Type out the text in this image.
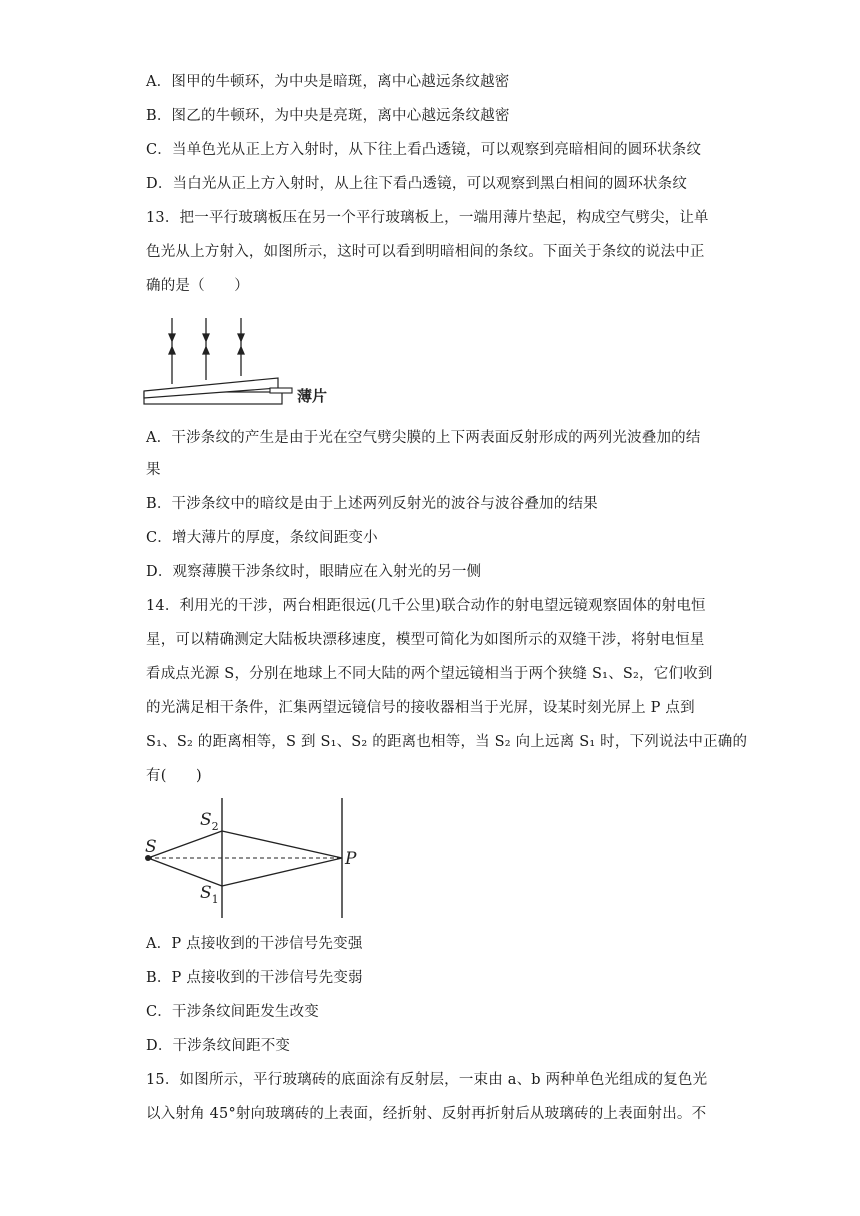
A．图甲的牛顿环，为中央是暗斑，离中心越远条纹越密
B．图乙的牛顿环，为中央是亮斑，离中心越远条纹越密
C．当单色光从正上方入射时，从下往上看凸透镜，可以观察到亮暗相间的圆环状条纹
D．当白光从正上方入射时，从上往下看凸透镜，可以观察到黑白相间的圆环状条纹
13．把一平行玻璃板压在另一个平行玻璃板上，一端用薄片垫起，构成空气劈尖，让单
色光从上方射入，如图所示，这时可以看到明暗相间的条纹。下面关于条纹的说法中正
确的是（　　）
薄片
A．干涉条纹的产生是由于光在空气劈尖膜的上下两表面反射形成的两列光波叠加的结
果
B．干涉条纹中的暗纹是由于上述两列反射光的波谷与波谷叠加的结果
C．增大薄片的厚度，条纹间距变小
D．观察薄膜干涉条纹时，眼睛应在入射光的另一侧
14．利用光的干涉，两台相距很远(几千公里)联合动作的射电望远镜观察固体的射电恒
星，可以精确测定大陆板块漂移速度，模型可简化为如图所示的双缝干涉，将射电恒星
看成点光源 S，分别在地球上不同大陆的两个望远镜相当于两个狭缝 S₁、S₂，它们收到
的光满足相干条件，汇集两望远镜信号的接收器相当于光屏，设某时刻光屏上 P 点到
S₁、S₂ 的距离相等，S 到 S₁、S₂ 的距离也相等，当 S₂ 向上远离 S₁ 时，下列说法中正确的
有(　　)
S
$S_2$
$S_1$
P
A．P 点接收到的干涉信号先变强
B．P 点接收到的干涉信号先变弱
C．干涉条纹间距发生改变
D．干涉条纹间距不变
15．如图所示，平行玻璃砖的底面涂有反射层，一束由 a、b 两种单色光组成的复色光
以入射角 45°射向玻璃砖的上表面，经折射、反射再折射后从玻璃砖的上表面射出。不
